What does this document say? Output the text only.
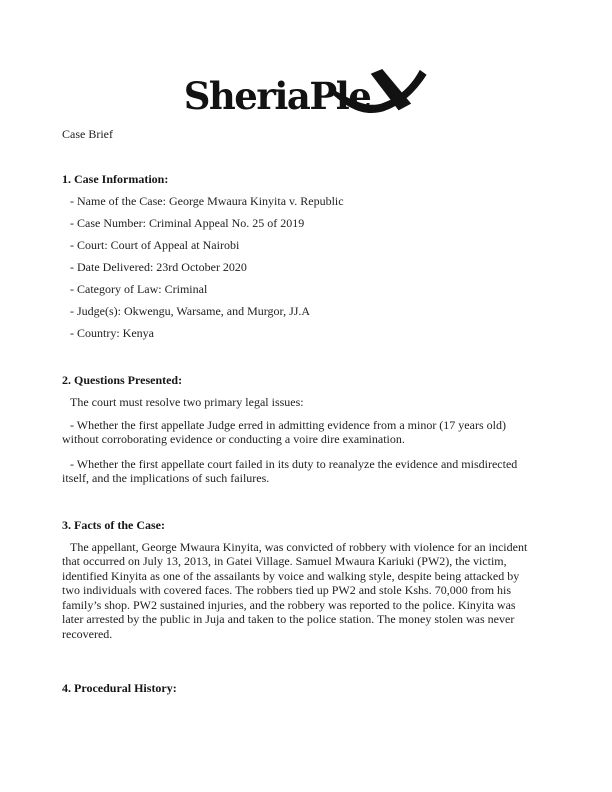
SheriaPle

Case Brief

1. Case Information:

- Name of the Case: George Mwaura Kinyita v. Republic

- Case Number: Criminal Appeal No. 25 of 2019

- Court: Court of Appeal at Nairobi

- Date Delivered: 23rd October 2020

- Category of Law: Criminal

- Judge(s): Okwengu, Warsame, and Murgor, JJ.A

- Country: Kenya

2. Questions Presented:

The court must resolve two primary legal issues:

- Whether the first appellate Judge erred in admitting evidence from a minor (17 years old) without corroborating evidence or conducting a voire dire examination.

- Whether the first appellate court failed in its duty to reanalyze the evidence and misdirected itself, and the implications of such failures.

3. Facts of the Case:

The appellant, George Mwaura Kinyita, was convicted of robbery with violence for an incident that occurred on July 13, 2013, in Gatei Village. Samuel Mwaura Kariuki (PW2), the victim, identified Kinyita as one of the assailants by voice and walking style, despite being attacked by two individuals with covered faces. The robbers tied up PW2 and stole Kshs. 70,000 from his family’s shop. PW2 sustained injuries, and the robbery was reported to the police. Kinyita was later arrested by the public in Juja and taken to the police station. The money stolen was never recovered.

4. Procedural History:
